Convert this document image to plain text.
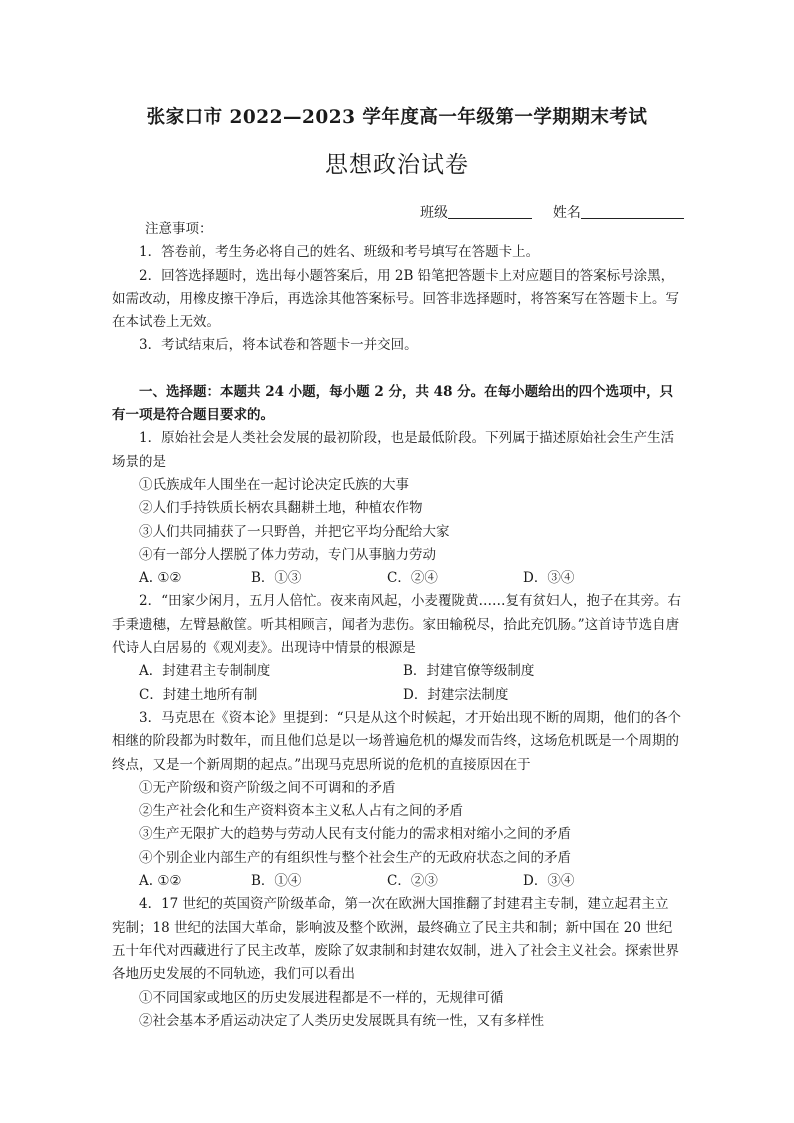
张家口市 2022—2023 学年度高一年级第一学期期末考试
思想政治试卷
班级	姓名

注意事项：

1．答卷前，考生务必将自己的姓名、班级和考号填写在答题卡上。

2．回答选择题时，选出每小题答案后，用 2B 铅笔把答题卡上对应题目的答案标号涂黑，如需改动，用橡皮擦干净后，再选涂其他答案标号。回答非选择题时，将答案写在答题卡上。写在本试卷上无效。

3．考试结束后，将本试卷和答题卡一并交回。

一、选择题：本题共 24 小题，每小题 2 分，共 48 分。在每小题给出的四个选项中，只有一项是符合题目要求的。

1．原始社会是人类社会发展的最初阶段，也是最低阶段。下列属于描述原始社会生产生活场景的是

①氏族成年人围坐在一起讨论决定氏族的大事

②人们手持铁质长柄农具翻耕土地，种植农作物

③人们共同捕获了一只野兽，并把它平均分配给大家

④有一部分人摆脱了体力劳动，专门从事脑力劳动

A. ①②	B．①③	C．②④	D．③④

2．“田家少闲月，五月人倍忙。夜来南风起，小麦覆陇黄……复有贫妇人，抱子在其旁。右手秉遗穗，左臂悬敝筐。听其相顾言，闻者为悲伤。家田输税尽，拾此充饥肠。”这首诗节选自唐代诗人白居易的《观刈麦》。出现诗中情景的根源是

A．封建君主专制制度	B．封建官僚等级制度
C．封建土地所有制	D．封建宗法制度

3．马克思在《资本论》里提到：“只是从这个时候起，才开始出现不断的周期，他们的各个相继的阶段都为时数年，而且他们总是以一场普遍危机的爆发而告终，这场危机既是一个周期的终点，又是一个新周期的起点。”出现马克思所说的危机的直接原因在于

①无产阶级和资产阶级之间不可调和的矛盾

②生产社会化和生产资料资本主义私人占有之间的矛盾

③生产无限扩大的趋势与劳动人民有支付能力的需求相对缩小之间的矛盾

④个别企业内部生产的有组织性与整个社会生产的无政府状态之间的矛盾

A. ①②	B．①④	C．②③	D．③④

4．17 世纪的英国资产阶级革命，第一次在欧洲大国推翻了封建君主专制，建立起君主立宪制；18 世纪的法国大革命，影响波及整个欧洲，最终确立了民主共和制；新中国在 20 世纪五十年代对西藏进行了民主改革，废除了奴隶制和封建农奴制，进入了社会主义社会。探索世界各地历史发展的不同轨迹，我们可以看出

①不同国家或地区的历史发展进程都是不一样的，无规律可循

②社会基本矛盾运动决定了人类历史发展既具有统一性，又有多样性
